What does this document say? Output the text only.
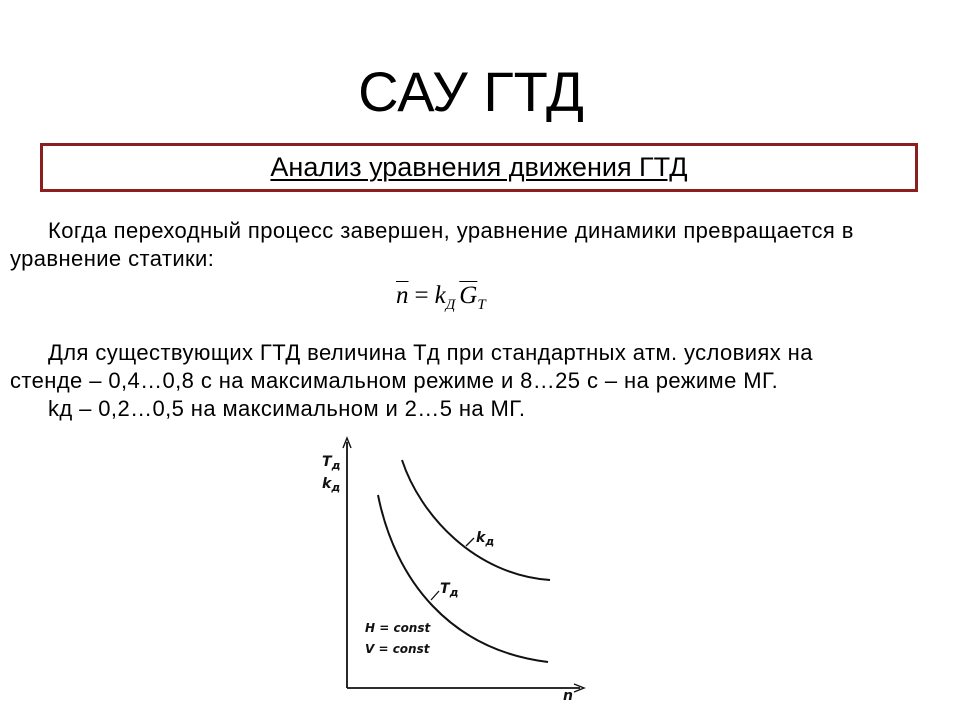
САУ ГТД
Анализ уравнения движения ГТД
Когда переходный процесс завершен, уравнение динамики превращается в
уравнение статики:
$\overline{n} = k_Д$ $\overline{G}_T$
Для существующих ГТД величина Тд при стандартных атм. условиях на
стенде – 0,4…0,8 с на максимальном режиме и 8…25 с – на режиме МГ.
kд – 0,2…0,5 на максимальном и 2…5 на МГ.
$T_д$
$k_д$
$k_д$
$T_д$
H = const
V = const
n
